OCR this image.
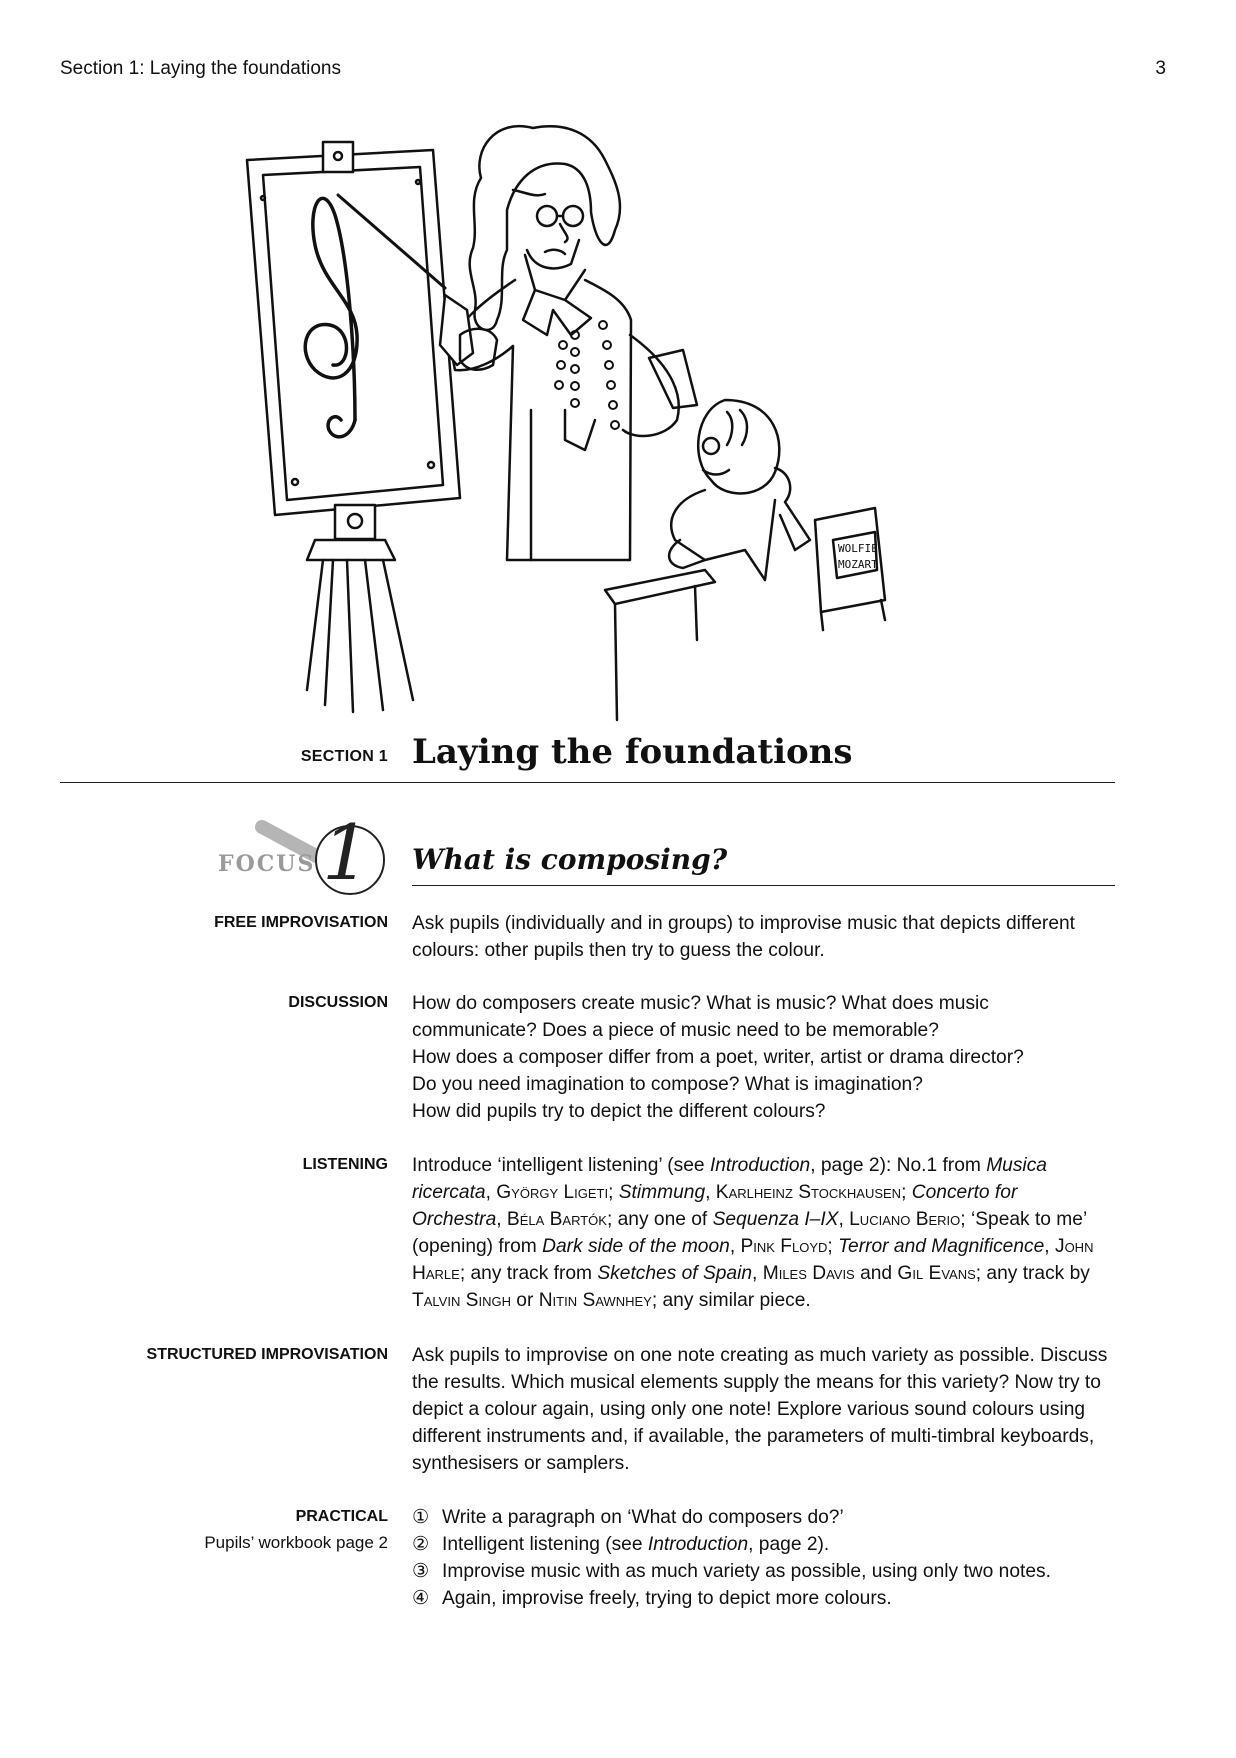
Section 1: Laying the foundations	3
WOLFIE
MOZART
SECTION 1 Laying the foundations
FOCUS 1 What is composing?
FREE IMPROVISATION Ask pupils (individually and in groups) to improvise music that depicts different colours: other pupils then try to guess the colour.

DISCUSSION How do composers create music? What is music? What does music communicate? Does a piece of music need to be memorable?

How does a composer differ from a poet, writer, artist or drama director?

Do you need imagination to compose? What is imagination?

How did pupils try to depict the different colours?

LISTENING Introduce ‘intelligent listening’ (see Introduction, page 2): No.1 from Musica ricercata, György Ligeti; Stimmung, Karlheinz Stockhausen; Concerto for Orchestra, Béla Bartók; any one of Sequenza I–IX, Luciano Berio; ‘Speak to me’ (opening) from Dark side of the moon, Pink Floyd; Terror and Magnificence, John Harle; any track from Sketches of Spain, Miles Davis and Gil Evans; any track by Talvin Singh or Nitin Sawnhey; any similar piece.

STRUCTURED IMPROVISATION Ask pupils to improvise on one note creating as much variety as possible. Discuss the results. Which musical elements supply the means for this variety? Now try to depict a colour again, using only one note! Explore various sound colours using different instruments and, if available, the parameters of multi-timbral keyboards, synthesisers or samplers.

PRACTICAL
Pupils’ workbook page 2
① Write a paragraph on ‘What do composers do?’
② Intelligent listening (see Introduction, page 2).
③ Improvise music with as much variety as possible, using only two notes.
④ Again, improvise freely, trying to depict more colours.
